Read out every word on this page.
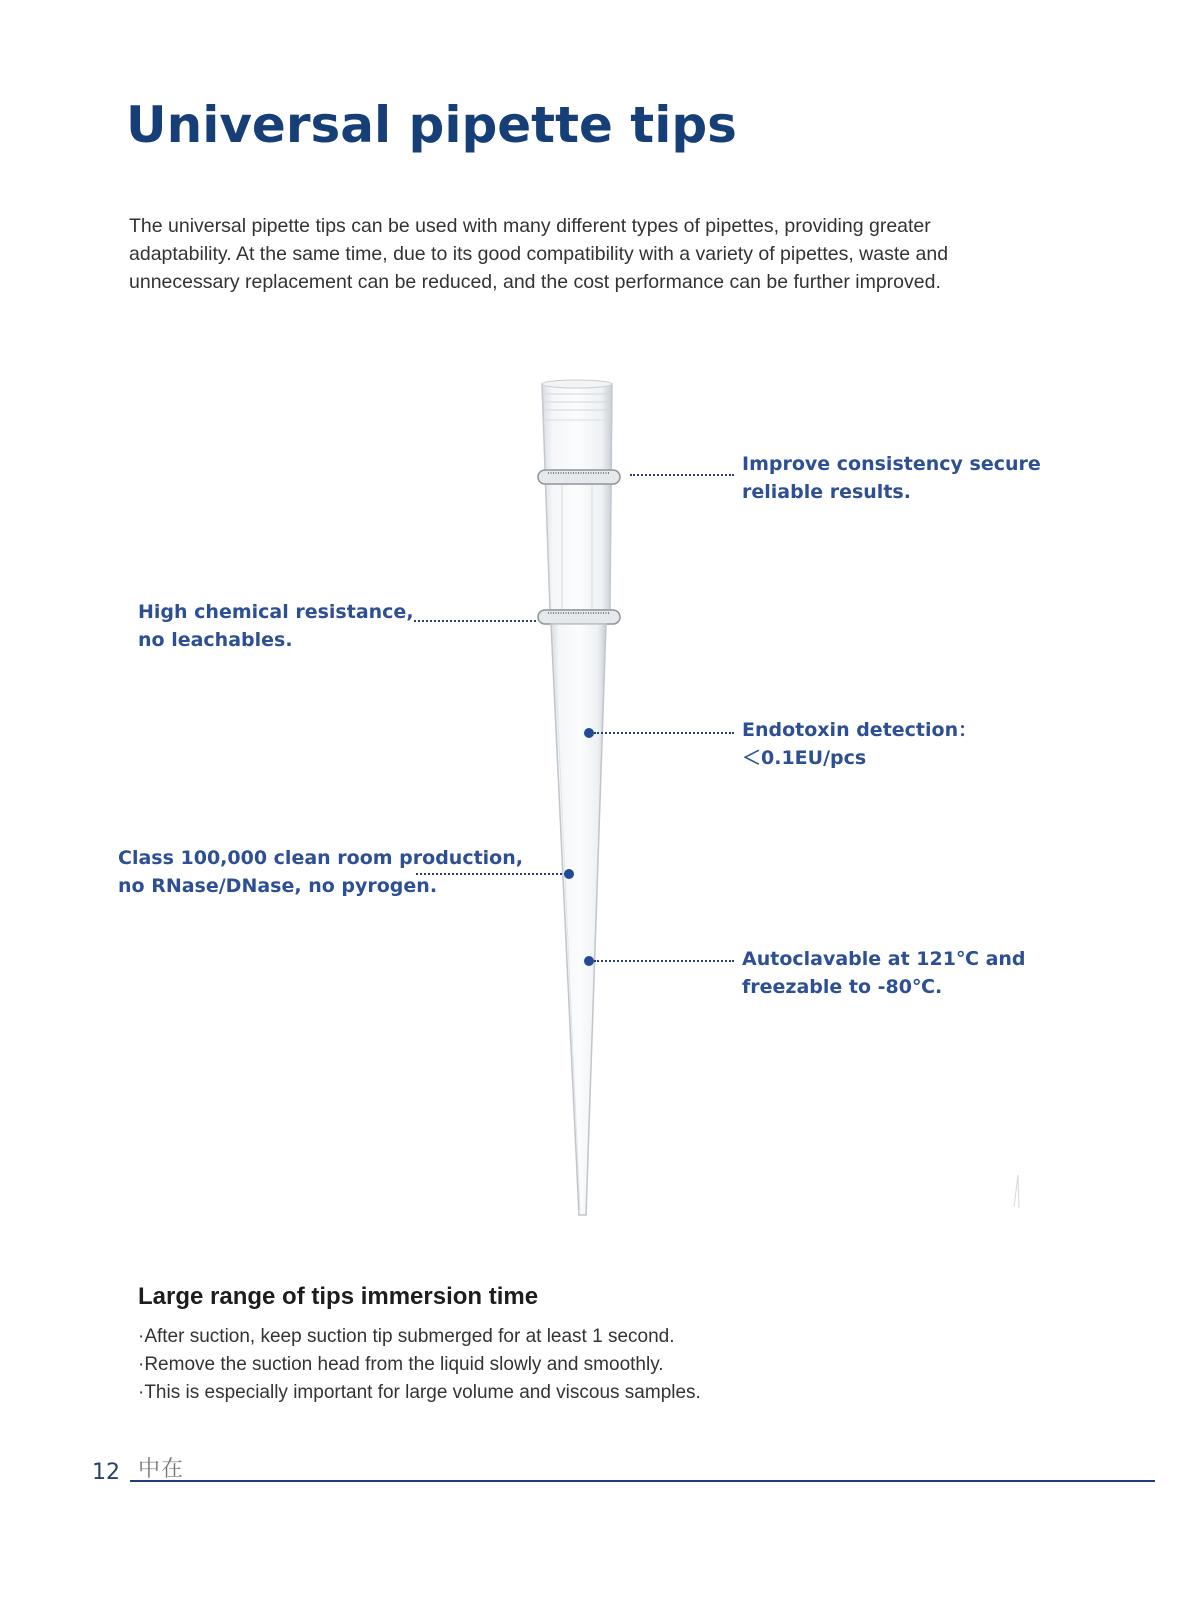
Universal pipette tips

The universal pipette tips can be used with many different types of pipettes, providing greater
adaptability. At the same time, due to its good compatibility with a variety of pipettes, waste and
unnecessary replacement can be reduced, and the cost performance can be further improved.

Improve consistency secure
reliable results.

High chemical resistance,
no leachables.

Endotoxin detection：
＜0.1EU/pcs

Class 100,000 clean room production,
no RNase/DNase, no pyrogen.

Autoclavable at 121℃ and
freezable to -80℃.

Large range of tips immersion time
·After suction, keep suction tip submerged for at least 1 second.
·Remove the suction head from the liquid slowly and smoothly.
·This is especially important for large volume and viscous samples.
12 中在
